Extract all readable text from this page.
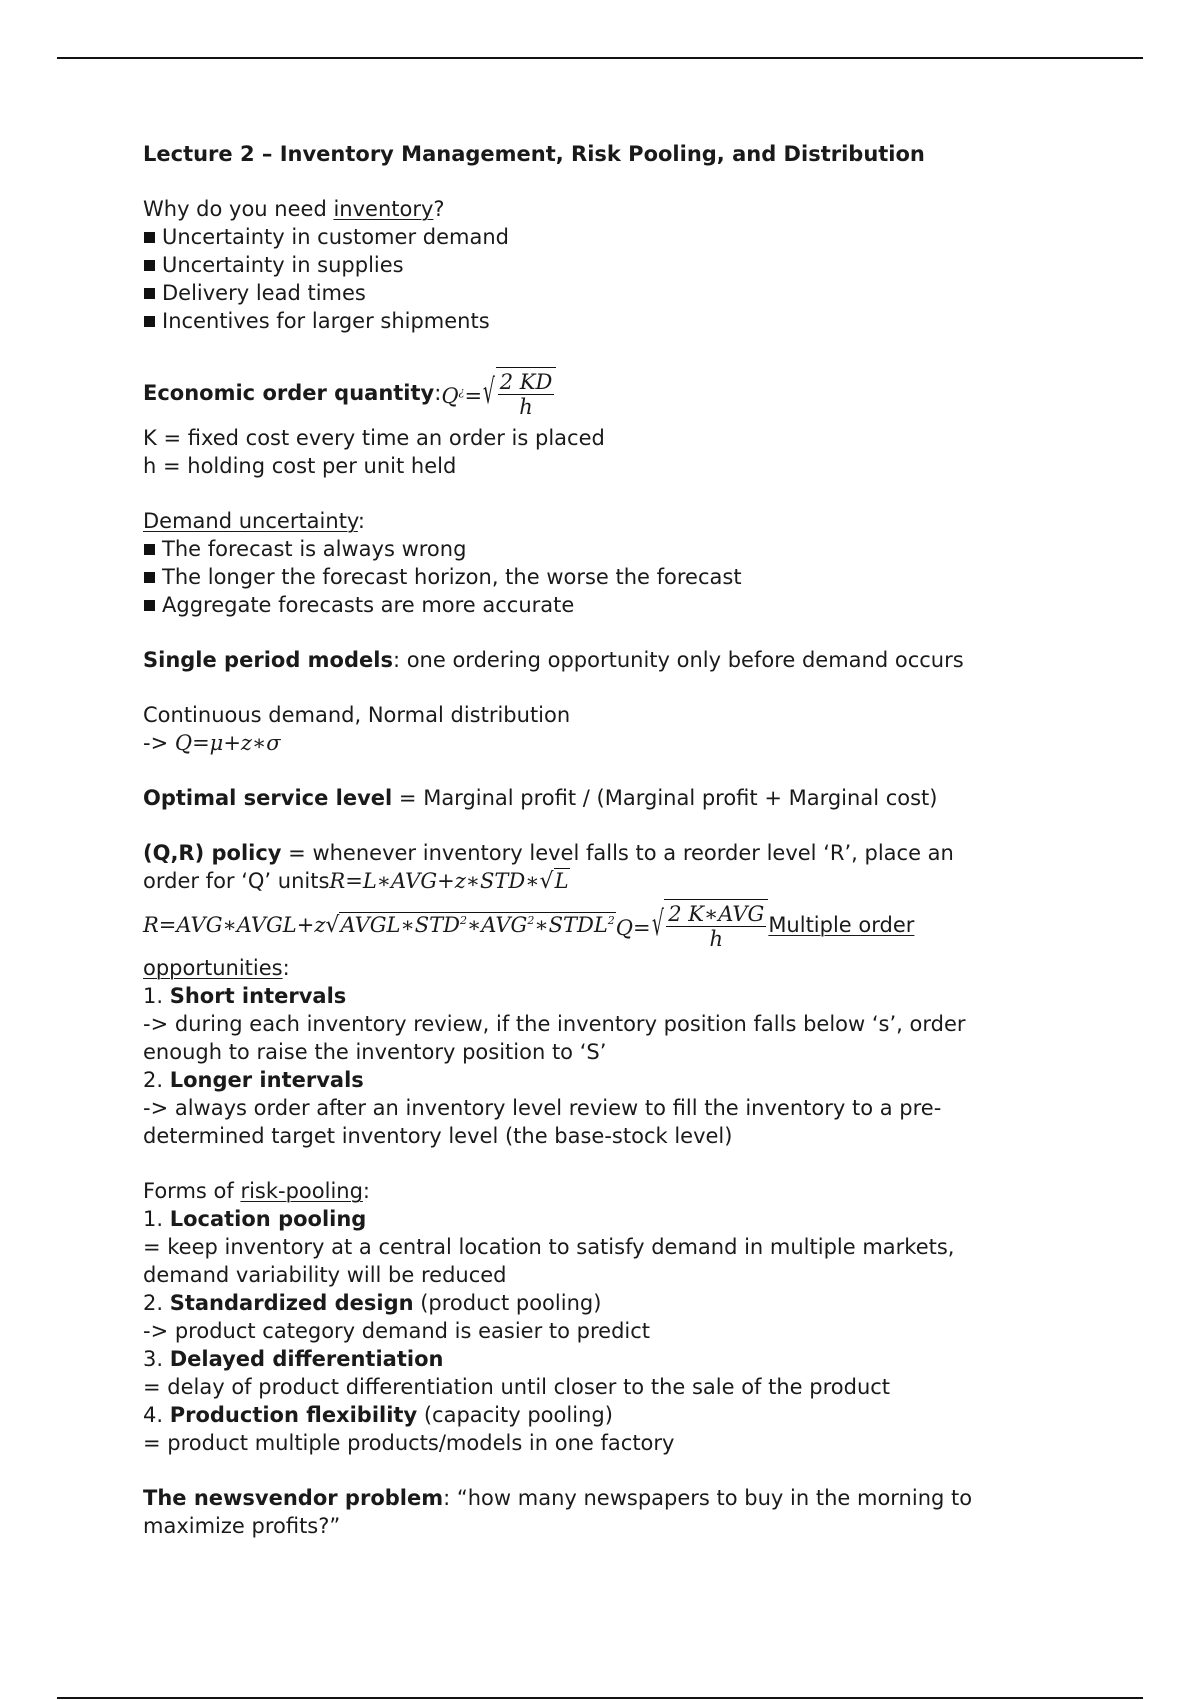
Lecture 2 – Inventory Management, Risk Pooling, and Distribution
Why do you need inventory?
Uncertainty in customer demand
Uncertainty in supplies
Delivery lead times
Incentives for larger shipments
Economic order quantity : Q¿= √ $\frac{2 KD}{h}$
K = fixed cost every time an order is placed
h = holding cost per unit held
Demand uncertainty:
The forecast is always wrong
The longer the forecast horizon, the worse the forecast
Aggregate forecasts are more accurate
Single period models: one ordering opportunity only before demand occurs
Continuous demand, Normal distribution
-> Q=μ+z∗σ
Optimal service level = Marginal profit / (Marginal profit + Marginal cost)
(Q,R) policy = whenever inventory level falls to a reorder level ‘R’, place an
order for ‘Q’ unitsR=L∗AVG+z∗STD∗√L
$R=AVG∗AVGL+z√AVGL∗STD^2∗AVG^2∗STDL^2$ Q= √ $\frac{\text{2 K∗AVG}}{h}$ Multiple order
opportunities:
1. Short intervals
-> during each inventory review, if the inventory position falls below ‘s’, order
enough to raise the inventory position to ‘S’
2. Longer intervals
-> always order after an inventory level review to fill the inventory to a pre-
determined target inventory level (the base-stock level)
Forms of risk-pooling:
1. Location pooling
= keep inventory at a central location to satisfy demand in multiple markets,
demand variability will be reduced
2. Standardized design (product pooling)
-> product category demand is easier to predict
3. Delayed differentiation
= delay of product differentiation until closer to the sale of the product
4. Production flexibility (capacity pooling)
= product multiple products/models in one factory
The newsvendor problem: “how many newspapers to buy in the morning to
maximize profits?”
